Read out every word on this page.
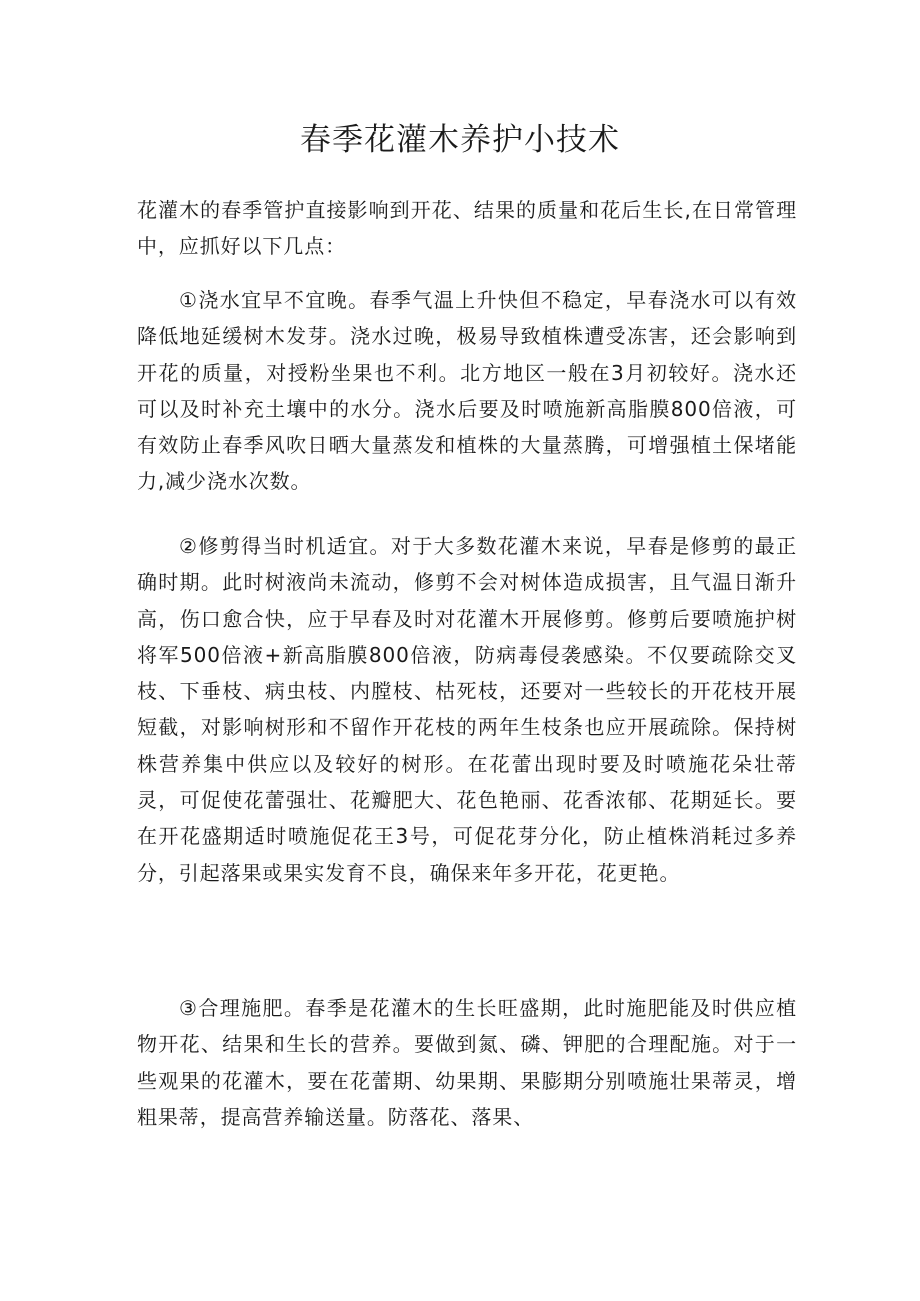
春季花灌木养护小技术

花灌木的春季管护直接影响到开花、结果的质量和花后生长,在日常管理中，应抓好以下几点：

①浇水宜早不宜晚。春季气温上升快但不稳定，早春浇水可以有效降低地延缓树木发芽。浇水过晚，极易导致植株遭受冻害，还会影响到开花的质量，对授粉坐果也不利。北方地区一般在3月初较好。浇水还可以及时补充土壤中的水分。浇水后要及时喷施新高脂膜800倍液，可有效防止春季风吹日晒大量蒸发和植株的大量蒸腾，可增强植土保堵能力,减少浇水次数。

②修剪得当时机适宜。对于大多数花灌木来说，早春是修剪的最正确时期。此时树液尚未流动，修剪不会对树体造成损害，且气温日渐升高，伤口愈合快，应于早春及时对花灌木开展修剪。修剪后要喷施护树将军500倍液+新高脂膜800倍液，防病毒侵袭感染。不仅要疏除交叉枝、下垂枝、病虫枝、内膛枝、枯死枝，还要对一些较长的开花枝开展短截，对影响树形和不留作开花枝的两年生枝条也应开展疏除。保持树株营养集中供应以及较好的树形。在花蕾出现时要及时喷施花朵壮蒂灵，可促使花蕾强壮、花瓣肥大、花色艳丽、花香浓郁、花期延长。要在开花盛期适时喷施促花王3号，可促花芽分化，防止植株消耗过多养分，引起落果或果实发育不良，确保来年多开花，花更艳。

③合理施肥。春季是花灌木的生长旺盛期，此时施肥能及时供应植物开花、结果和生长的营养。要做到氮、磷、钾肥的合理配施。对于一些观果的花灌木，要在花蕾期、幼果期、果膨期分别喷施壮果蒂灵，增粗果蒂，提高营养输送量。防落花、落果、
